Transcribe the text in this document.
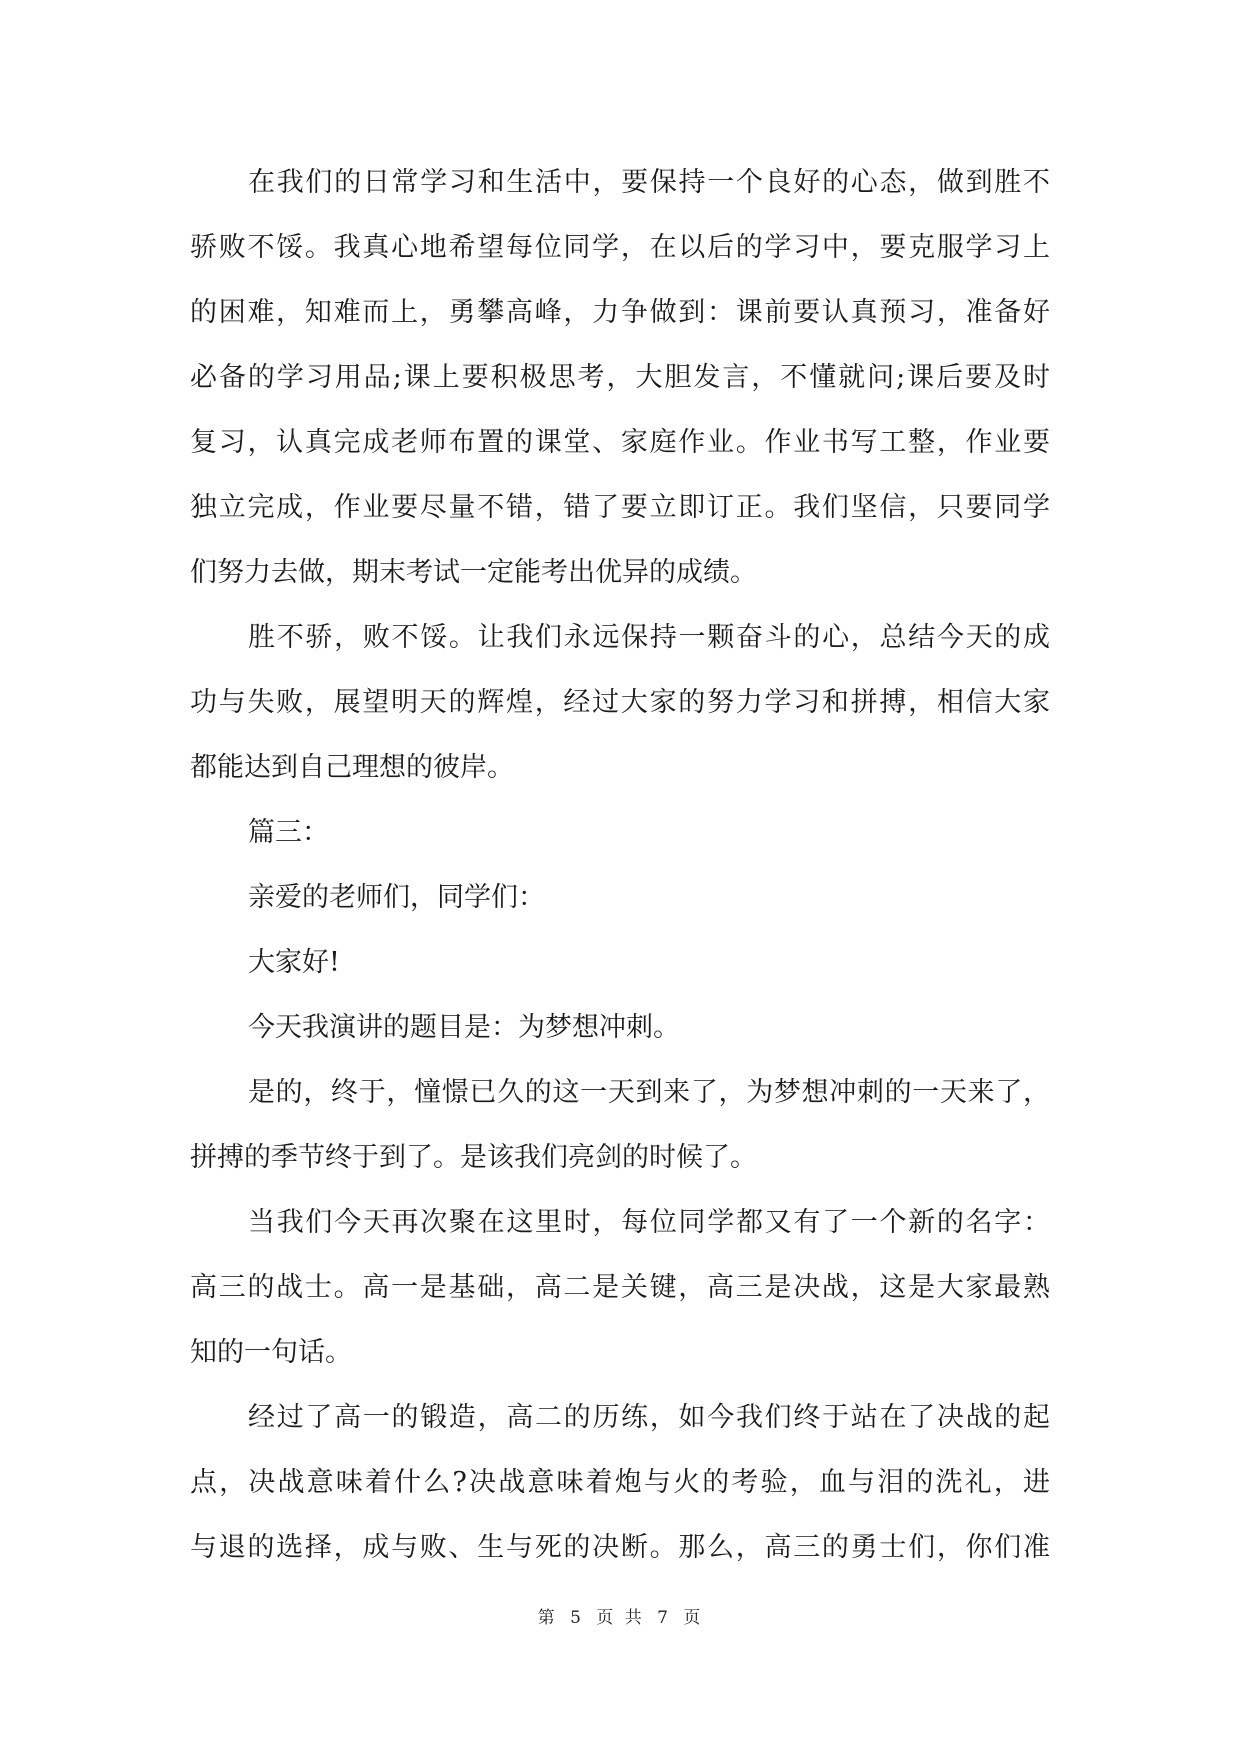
在我们的日常学习和生活中，要保持一个良好的心态，做到胜不
骄败不馁。我真心地希望每位同学，在以后的学习中，要克服学习上
的困难，知难而上，勇攀高峰，力争做到：课前要认真预习，准备好
必备的学习用品;课上要积极思考，大胆发言，不懂就问;课后要及时
复习，认真完成老师布置的课堂、家庭作业。作业书写工整，作业要
独立完成，作业要尽量不错，错了要立即订正。我们坚信，只要同学
们努力去做，期末考试一定能考出优异的成绩。
胜不骄，败不馁。让我们永远保持一颗奋斗的心，总结今天的成
功与失败，展望明天的辉煌，经过大家的努力学习和拼搏，相信大家
都能达到自己理想的彼岸。
篇三：
亲爱的老师们，同学们：
大家好!
今天我演讲的题目是：为梦想冲刺。
是的，终于，憧憬已久的这一天到来了，为梦想冲刺的一天来了，
拼搏的季节终于到了。是该我们亮剑的时候了。
当我们今天再次聚在这里时，每位同学都又有了一个新的名字：
高三的战士。高一是基础，高二是关键，高三是决战，这是大家最熟
知的一句话。
经过了高一的锻造，高二的历练，如今我们终于站在了决战的起
点，决战意味着什么?决战意味着炮与火的考验，血与泪的洗礼，进
与退的选择，成与败、生与死的决断。那么，高三的勇士们，你们准
第 5 页 共 7 页
